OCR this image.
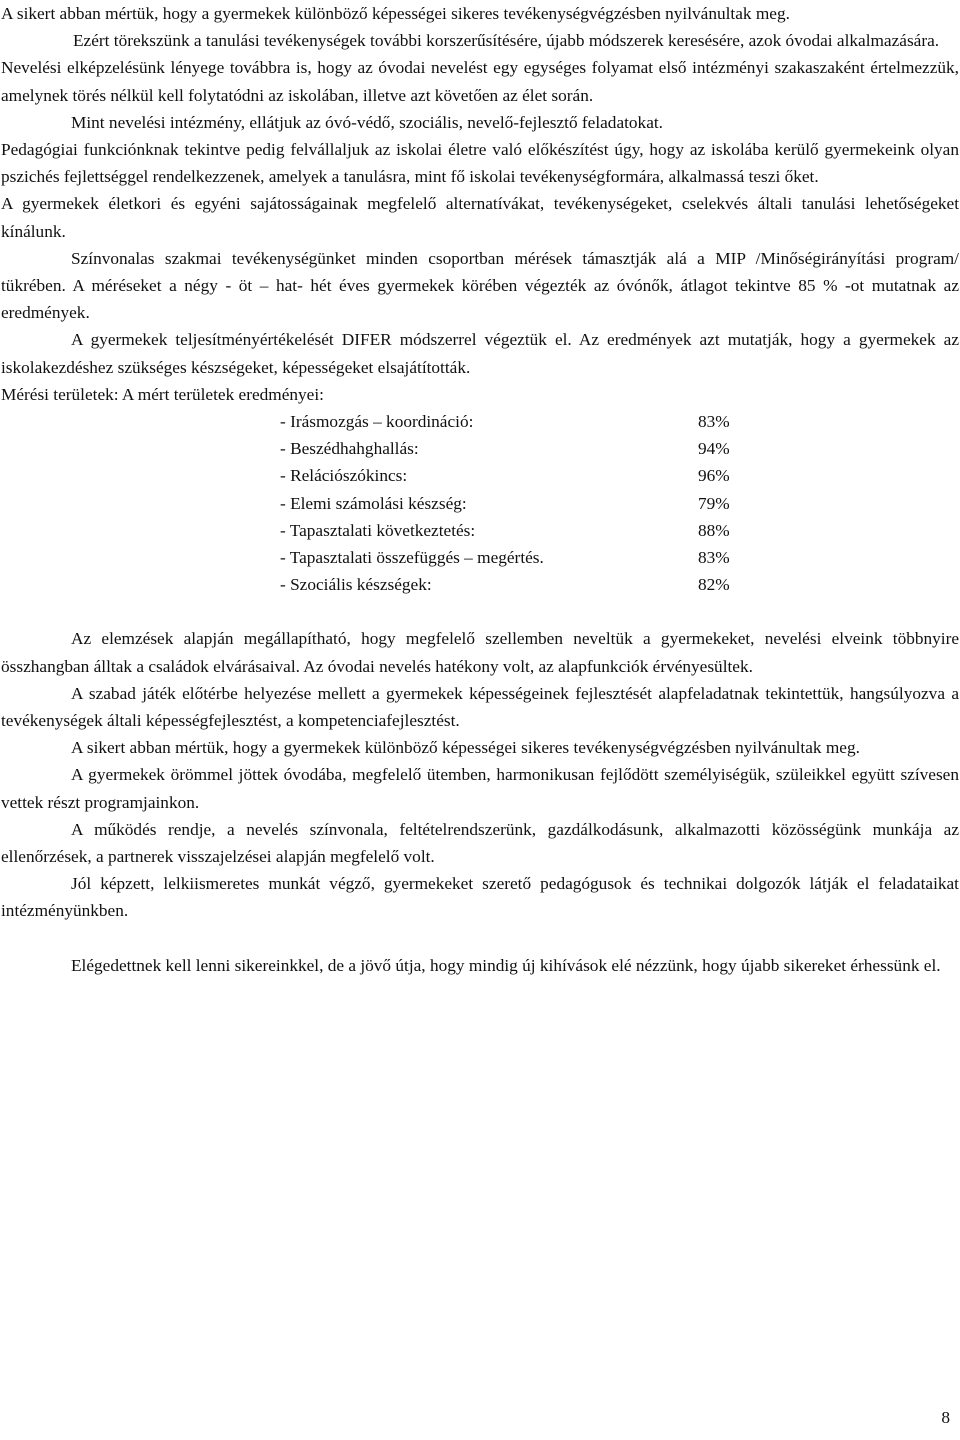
A sikert abban mértük, hogy a gyermekek különböző képességei sikeres tevékenységvégzésben nyilvánultak meg.

Ezért törekszünk a tanulási tevékenységek további korszerűsítésére, újabb módszerek keresésére, azok óvodai alkalmazására.

Nevelési elképzelésünk lényege továbbra is, hogy az óvodai nevelést egy egységes folyamat első intézményi szakaszaként értelmezzük, amelynek törés nélkül kell folytatódni az iskolában, illetve azt követően az élet során.

Mint nevelési intézmény, ellátjuk az óvó-védő, szociális, nevelő-fejlesztő feladatokat.

Pedagógiai funkciónknak tekintve pedig felvállaljuk az iskolai életre való előkészítést úgy, hogy az iskolába kerülő gyermekeink olyan pszichés fejlettséggel rendelkezzenek, amelyek a tanulásra, mint fő iskolai tevékenységformára, alkalmassá teszi őket.

A gyermekek életkori és egyéni sajátosságainak megfelelő alternatívákat, tevékenységeket, cselekvés általi tanulási lehetőségeket kínálunk.

Színvonalas szakmai tevékenységünket minden csoportban mérések támasztják alá a MIP /Minőségirányítási program/ tükrében. A méréseket a négy - öt – hat- hét éves gyermekek körében végezték az óvónők, átlagot tekintve 85 % -ot mutatnak az eredmények.

A gyermekek teljesítményértékelését DIFER módszerrel végeztük el. Az eredmények azt mutatják, hogy a gyermekek az iskolakezdéshez szükséges készségeket, képességeket elsajátították.

Mérési területek: A mért területek eredményei:

- Irásmozgás – koordináció:	83%
- Beszédhahghallás:	94%
- Relációszókincs:	96%
- Elemi számolási készség:	79%
- Tapasztalati következtetés:	88%
- Tapasztalati összefüggés – megértés.	83%
- Szociális készségek:	82%

Az elemzések alapján megállapítható, hogy megfelelő szellemben neveltük a gyermekeket, nevelési elveink többnyire összhangban álltak a családok elvárásaival. Az óvodai nevelés hatékony volt, az alapfunkciók érvényesültek.

A szabad játék előtérbe helyezése mellett a gyermekek képességeinek fejlesztését alapfeladatnak tekintettük, hangsúlyozva a tevékenységek általi képességfejlesztést, a kompetenciafejlesztést.

A sikert abban mértük, hogy a gyermekek különböző képességei sikeres tevékenységvégzésben nyilvánultak meg.

A gyermekek örömmel jöttek óvodába, megfelelő ütemben, harmonikusan fejlődött személyiségük, szüleikkel együtt szívesen vettek részt programjainkon.

A működés rendje, a nevelés színvonala, feltételrendszerünk, gazdálkodásunk, alkalmazotti közösségünk munkája az ellenőrzések, a partnerek visszajelzései alapján megfelelő volt.

Jól képzett, lelkiismeretes munkát végző, gyermekeket szerető pedagógusok és technikai dolgozók látják el feladataikat intézményünkben.

Elégedettnek kell lenni sikereinkkel, de a jövő útja, hogy mindig új kihívások elé nézzünk, hogy újabb sikereket érhessünk el.

8
